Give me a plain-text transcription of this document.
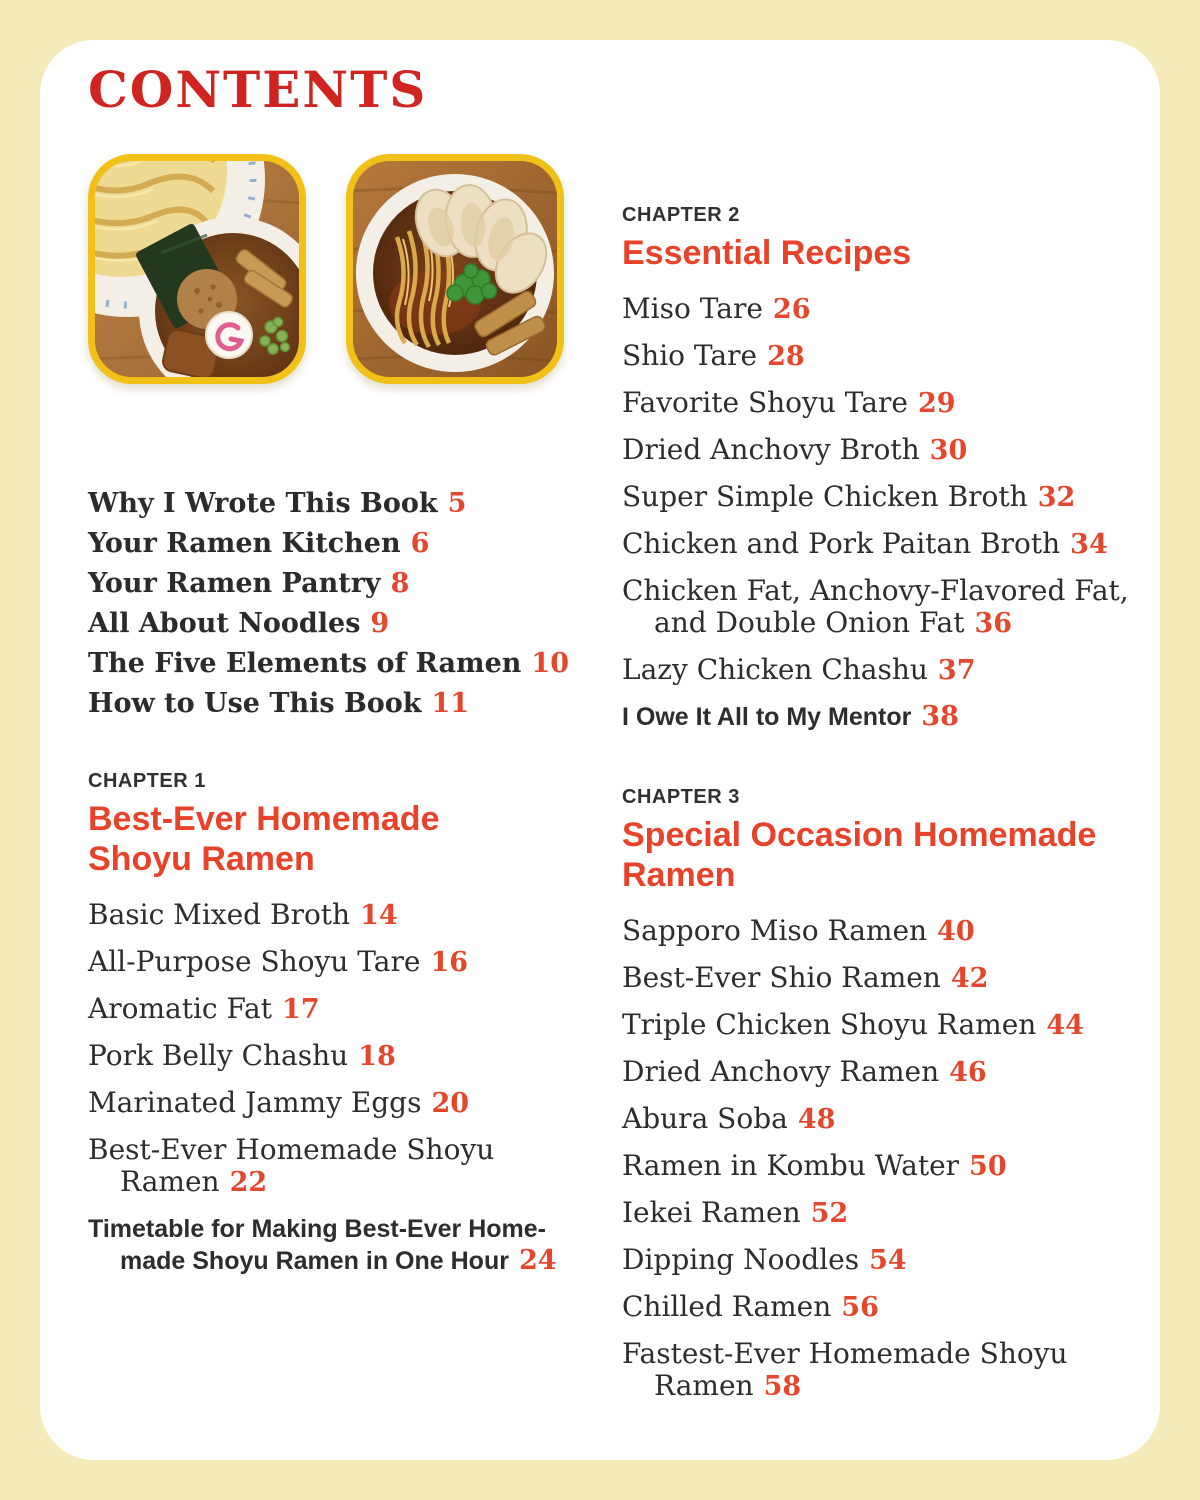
CONTENTS
Why I Wrote This Book 5
Your Ramen Kitchen 6
Your Ramen Pantry 8
All About Noodles 9
The Five Elements of Ramen 10
How to Use This Book 11
CHAPTER 1
Best-Ever Homemade Shoyu Ramen
Basic Mixed Broth 14
All-Purpose Shoyu Tare 16
Aromatic Fat 17
Pork Belly Chashu 18
Marinated Jammy Eggs 20
Best-Ever Homemade Shoyu Ramen 22
Timetable for Making Best-Ever Home-made Shoyu Ramen in One Hour 24
CHAPTER 2
Essential Recipes
Miso Tare 26
Shio Tare 28
Favorite Shoyu Tare 29
Dried Anchovy Broth 30
Super Simple Chicken Broth 32
Chicken and Pork Paitan Broth 34
Chicken Fat, Anchovy-Flavored Fat, and Double Onion Fat 36
Lazy Chicken Chashu 37
I Owe It All to My Mentor 38
CHAPTER 3
Special Occasion Homemade Ramen
Sapporo Miso Ramen 40
Best-Ever Shio Ramen 42
Triple Chicken Shoyu Ramen 44
Dried Anchovy Ramen 46
Abura Soba 48
Ramen in Kombu Water 50
Iekei Ramen 52
Dipping Noodles 54
Chilled Ramen 56
Fastest-Ever Homemade Shoyu Ramen 58
